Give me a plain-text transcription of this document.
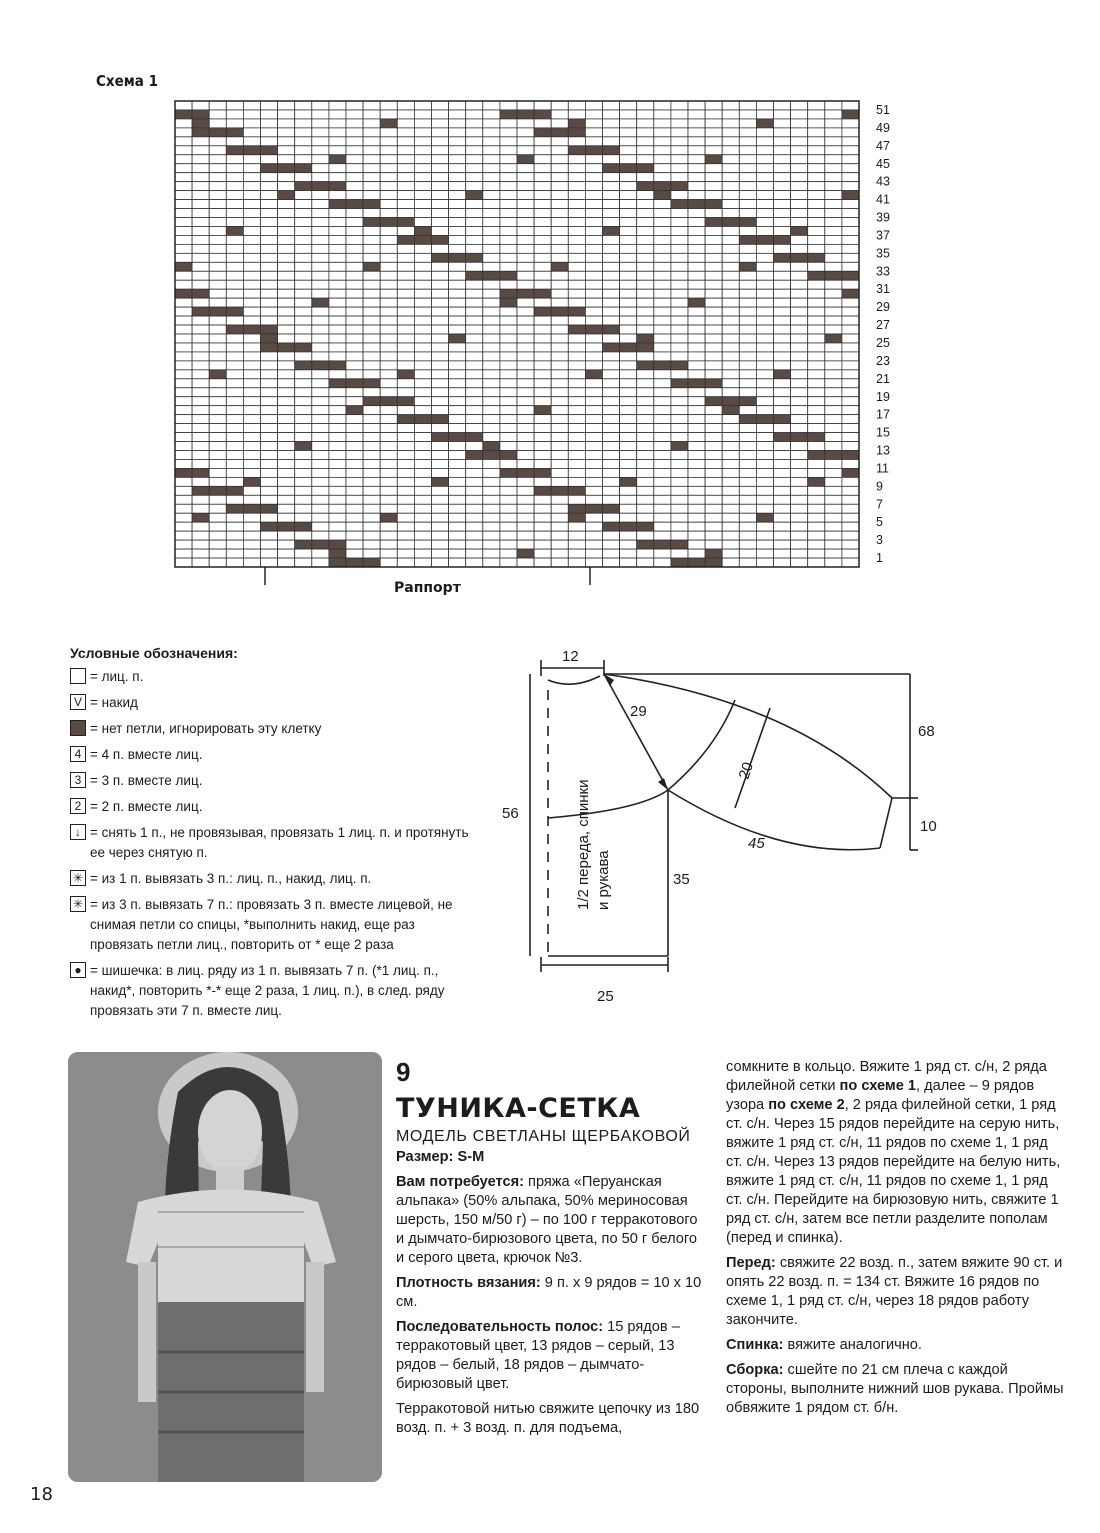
Схема 1
51
49
47
45
43
41
39
37
35
33
31
29
27
25
23
21
19
17
15
13
11
9
7
5
3
1
Раппорт
Условные обозначения:
= лиц. п.
V = накид
= нет петли, игнорировать эту клетку
4 = 4 п. вместе лиц.
3 = 3 п. вместе лиц.
2 = 2 п. вместе лиц.
↓ = снять 1 п., не провязывая, провязать 1 лиц. п. и протянуть ее через снятую п.
✳ = из 1 п. вывязать 3 п.: лиц. п., накид, лиц. п.
✳ = из 3 п. вывязать 7 п.: провязать 3 п. вместе лицевой, не снимая петли со спицы, *выполнить накид, еще раз провязать петли лиц., повторить от * еще 2 раза
● = шишечка: в лиц. ряду из 1 п. вывязать 7 п. (*1 лиц. п., накид*, повторить *-* еще 2 раза, 1 лиц. п.), в след. ряду провязать эти 7 п. вместе лиц.
12
29
68
20
56
10
45
35
25
1/2 переда, спинки и рукава
9
ТУНИКА-СЕТКА
МОДЕЛЬ СВЕТЛАНЫ ЩЕРБАКОВОЙ

Размер: S-M

Вам потребуется: пряжа «Перуанская альпака» (50% альпака, 50% мериносовая шерсть, 150 м/50 г) – по 100 г терракотового и дымчато-бирюзового цвета, по 50 г белого и серого цвета, крючок №3.

Плотность вязания: 9 п. х 9 рядов = 10 х 10 см.

Последовательность полос: 15 рядов – терракотовый цвет, 13 рядов – серый, 13 рядов – белый, 18 рядов – дымчато-бирюзовый цвет.

Терракотовой нитью свяжите цепочку из 180 возд. п. + 3 возд. п. для подъема,

сомкните в кольцо. Вяжите 1 ряд ст. с/н, 2 ряда филейной сетки по схеме 1, далее – 9 рядов узора по схеме 2, 2 ряда филейной сетки, 1 ряд ст. с/н. Через 15 рядов перейдите на серую нить, вяжите 1 ряд ст. с/н, 11 рядов по схеме 1, 1 ряд ст. с/н. Через 13 рядов перейдите на белую нить, вяжите 1 ряд ст. с/н, 11 рядов по схеме 1, 1 ряд ст. с/н. Перейдите на бирюзовую нить, свяжите 1 ряд ст. с/н, затем все петли разделите пополам (перед и спинка).

Перед: свяжите 22 возд. п., затем вяжите 90 ст. и опять 22 возд. п. = 134 ст. Вяжите 16 рядов по схеме 1, 1 ряд ст. с/н, через 18 рядов работу закончите.

Спинка: вяжите аналогично.

Сборка: сшейте по 21 см плеча с каждой стороны, выполните нижний шов рукава. Проймы обвяжите 1 рядом ст. б/н.

18
